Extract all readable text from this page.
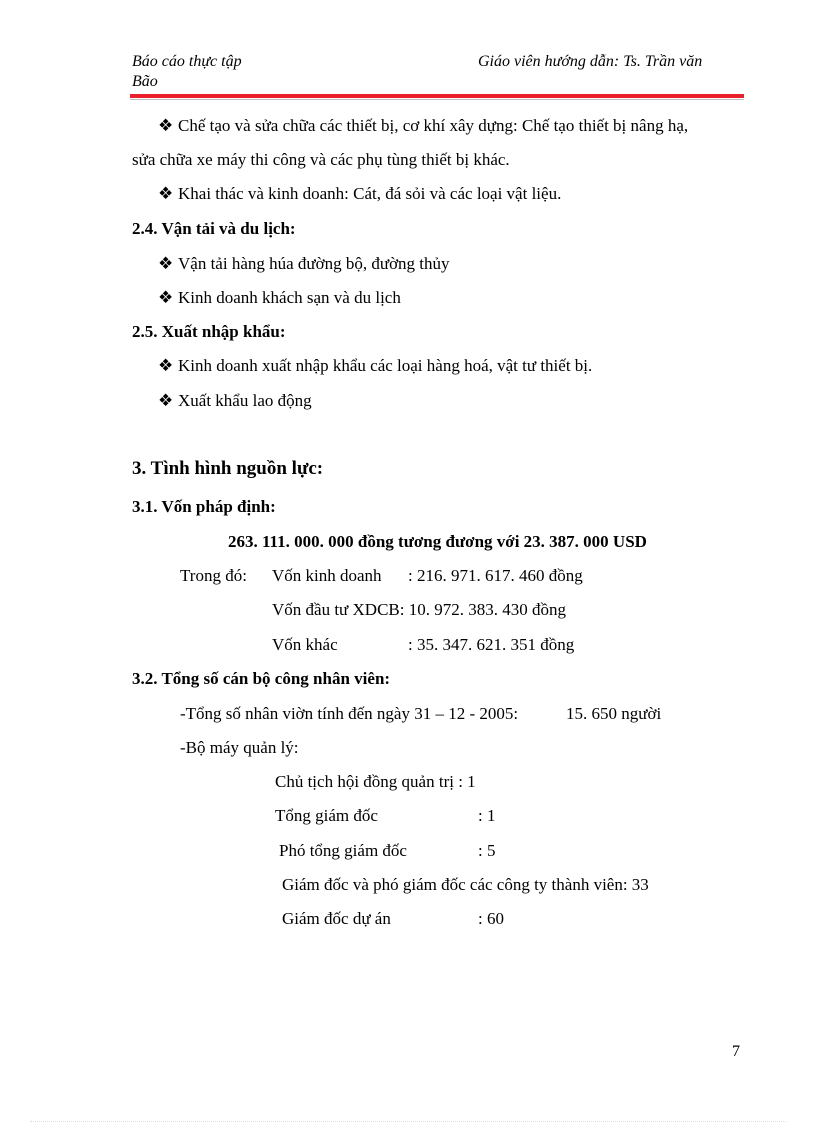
Báo cáo thực tập
Bão
Giáo viên hướng dẫn: Ts. Trần văn
❖ Chế tạo và sửa chữa các thiết bị, cơ khí xây dựng: Chế tạo thiết bị nâng hạ,
sửa chữa xe máy thi công và các phụ tùng thiết bị khác.
❖ Khai thác và kinh doanh: Cát, đá sỏi và các loại vật liệu.
2.4. Vận tải và du lịch:
❖ Vận tải hàng húa đường bộ, đường thủy
❖ Kinh doanh khách sạn và du lịch
2.5. Xuất nhập khẩu:
❖ Kinh doanh xuất nhập khẩu các loại hàng hoá, vật tư thiết bị.
❖ Xuất khẩu lao động
3. Tình hình nguồn lực:
3.1. Vốn pháp định:
263. 111. 000. 000 đồng tương đương với 23. 387. 000 USD
Trong đó: Vốn kinh doanh : 216. 971. 617. 460 đồng
Vốn đầu tư XDCB: 10. 972. 383. 430 đồng
Vốn khác	: 35. 347. 621. 351 đồng
3.2. Tổng số cán bộ công nhân viên:
-Tổng số nhân viờn tính đến ngày 31 – 12 - 2005:	15. 650 người
-Bộ máy quản lý:
Chủ tịch hội đồng quản trị : 1
Tổng giám đốc	: 1
Phó tổng giám đốc	: 5
Giám đốc và phó giám đốc các công ty thành viên: 33
Giám đốc dự án	: 60
7
